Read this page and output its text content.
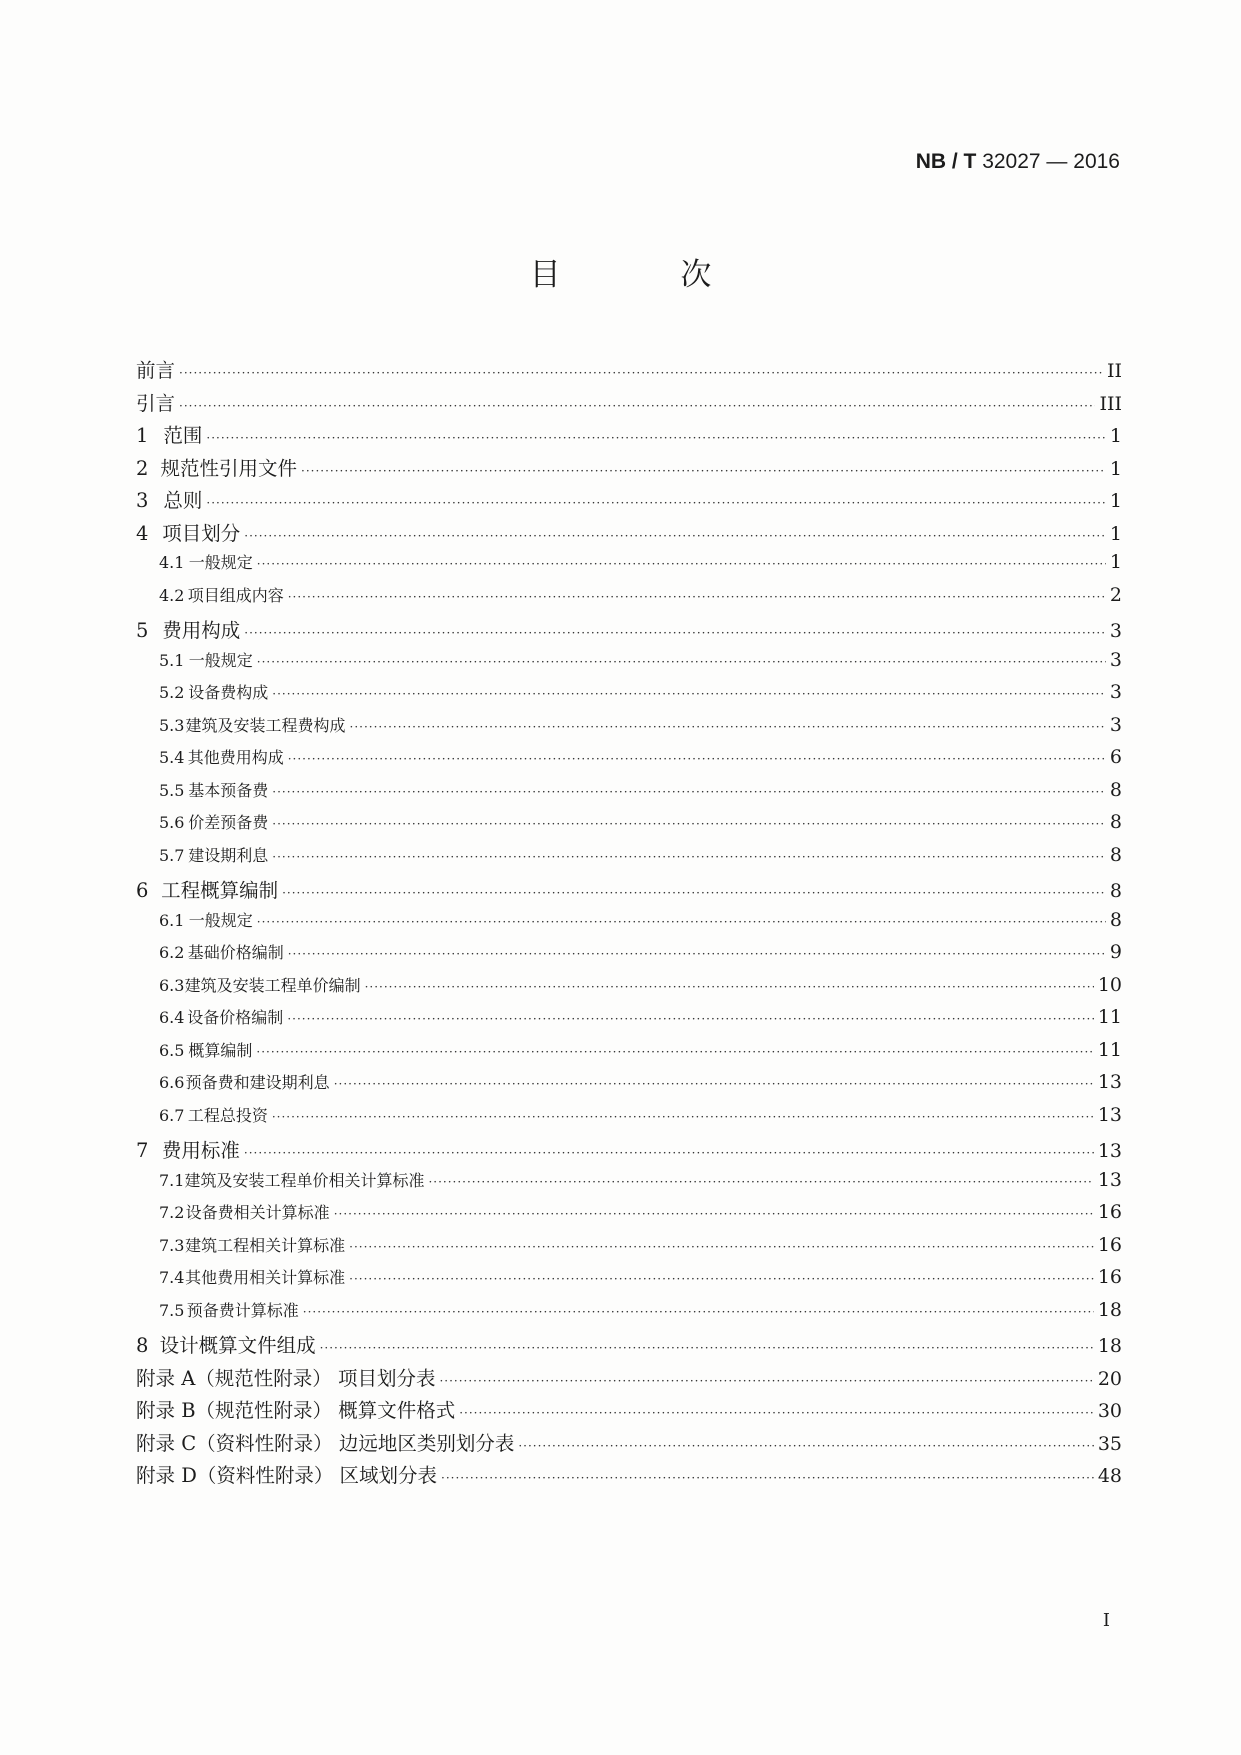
NB / T 32027 — 2016
目 次
前言 ·····	II
引言 ·····	III
1 范围 ·····	1
2 规范性引用文件 ·····	1
3 总则 ·····	1
4 项目划分 ·····	1
4.1 一般规定 ·····	1
4.2 项目组成内容 ·····	2
5 费用构成 ·····	3
5.1 一般规定 ·····	3
5.2 设备费构成 ·····	3
5.3 建筑及安装工程费构成 ·····	3
5.4 其他费用构成 ·····	6
5.5 基本预备费 ·····	8
5.6 价差预备费 ·····	8
5.7 建设期利息 ·····	8
6 工程概算编制 ·····	8
6.1 一般规定 ·····	8
6.2 基础价格编制 ·····	9
6.3 建筑及安装工程单价编制 ·····	10
6.4 设备价格编制 ·····	11
6.5 概算编制 ·····	11
6.6 预备费和建设期利息 ·····	13
6.7 工程总投资 ·····	13
7 费用标准 ·····	13
7.1 建筑及安装工程单价相关计算标准 ·····	13
7.2 设备费相关计算标准 ·····	16
7.3 建筑工程相关计算标准 ·····	16
7.4 其他费用相关计算标准 ·····	16
7.5 预备费计算标准 ·····	18
8 设计概算文件组成 ·····	18
附录 A（规范性附录） 项目划分表 ·····	20
附录 B（规范性附录） 概算文件格式 ·····	30
附录 C（资料性附录） 边远地区类别划分表 ·····	35
附录 D（资料性附录） 区域划分表 ·····	48
I
